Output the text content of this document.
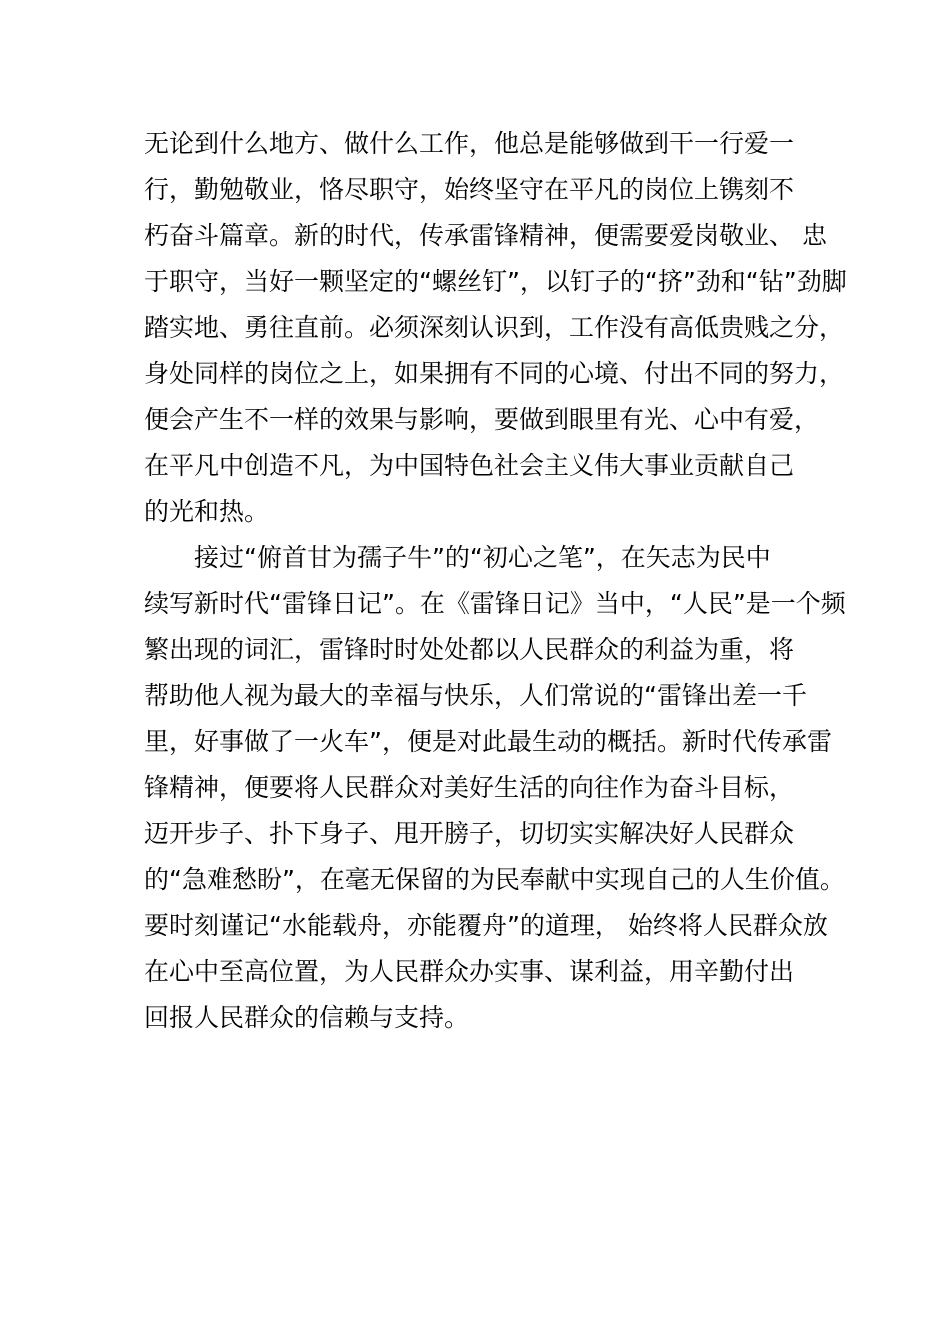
无论到什么地方、做什么工作，他总是能够做到干一行爱一
行，勤勉敬业，恪尽职守，始终坚守在平凡的岗位上镌刻不
朽奋斗篇章。新的时代，传承雷锋精神，便需要爱岗敬业、 忠
于职守，当好一颗坚定的“螺丝钉”，以钉子的“挤”劲和“钻”劲脚
踏实地、勇往直前。必须深刻认识到，工作没有高低贵贱之分，
身处同样的岗位之上，如果拥有不同的心境、付出不同的努力，
便会产生不一样的效果与影响，要做到眼里有光、心中有爱，
在平凡中创造不凡，为中国特色社会主义伟大事业贡献自己
的光和热。
接过“俯首甘为孺子牛”的“初心之笔”，在矢志为民中
续写新时代“雷锋日记”。在《雷锋日记》当中，“人民”是一个频
繁出现的词汇，雷锋时时处处都以人民群众的利益为重，将
帮助他人视为最大的幸福与快乐，人们常说的“雷锋出差一千
里，好事做了一火车”，便是对此最生动的概括。新时代传承雷
锋精神，便要将人民群众对美好生活的向往作为奋斗目标，
迈开步子、扑下身子、甩开膀子，切切实实解决好人民群众
的“急难愁盼”，在毫无保留的为民奉献中实现自己的人生价值。
要时刻谨记“水能载舟，亦能覆舟”的道理， 始终将人民群众放
在心中至高位置，为人民群众办实事、谋利益，用辛勤付出
回报人民群众的信赖与支持。
